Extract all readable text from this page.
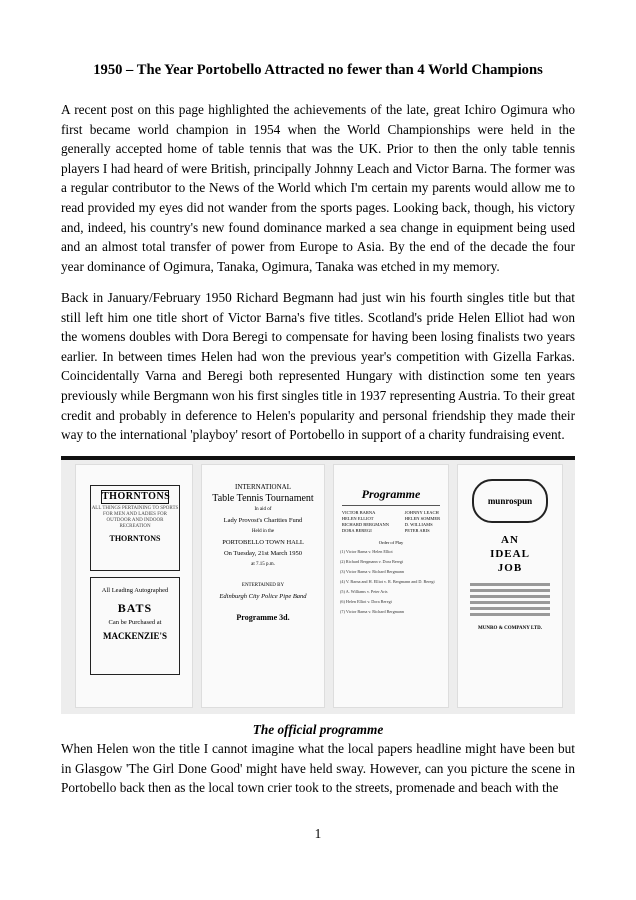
1950 – The Year Portobello Attracted no fewer than 4 World Champions

A recent post on this page highlighted the achievements of the late, great Ichiro Ogimura who first became world champion in 1954 when the World Championships were held in the generally accepted home of table tennis that was the UK. Prior to then the only table tennis players I had heard of were British, principally Johnny Leach and Victor Barna. The former was a regular contributor to the News of the World which I'm certain my parents would allow me to read provided my eyes did not wander from the sports pages. Looking back, though, his victory and, indeed, his country's new found dominance marked a sea change in equipment being used and an almost total transfer of power from Europe to Asia. By the end of the decade the four year dominance of Ogimura, Tanaka, Ogimura, Tanaka was etched in my memory.

Back in January/February 1950 Richard Begmann had just win his fourth singles title but that still left him one title short of Victor Barna's five titles. Scotland's pride Helen Elliot had won the womens doubles with Dora Beregi to compensate for having been losing finalists two years earlier. In between times Helen had won the previous year's competition with Gizella Farkas. Coincidentally Varna and Beregi both represented Hungary with distinction some ten years previously while Bergmann won his first singles title in 1937 representing Austria. To their great credit and probably in deference to Helen's popularity and personal friendship they made their way to the international 'playboy' resort of Portobello in support of a charity fundraising event.

THORNTONS
ALL THINGS PERTAINING TO SPORTS FOR MEN AND LADIES FOR OUTDOOR AND INDOOR RECREATION
THORNTONS
All Leading Autographed
BATS
Can be Purchased at
MACKENZIE'S
INTERNATIONAL
Table Tennis Tournament
In aid of
Lady Provost's Charities Fund
Held in the
PORTOBELLO TOWN HALL
On Tuesday, 21st March 1950
at 7.15 p.m.
ENTERTAINED BY
Edinburgh City Police Pipe Band
Programme 3d.
Programme
VICTOR BARNA
HELEN ELLIOT
RICHARD BERGMANN
DORA BEREGI
JOHNNY LEACH
HELEN SOMMER
D. WILLIAMS
PETER ARIS
Order of Play
(1) Victor Barna v. Helen Elliot
(2) Richard Bergmann v. Dora Beregi
(3) Victor Barna v. Richard Bergmann
(4) V. Barna and H. Elliot v. R. Bergmann and D. Beregi
(5) A. Williams v. Peter Aris
(6) Helen Elliot v. Dora Beregi
(7) Victor Barna v. Richard Bergmann
munrospun
AN
IDEAL
JOB
MUNRO & COMPANY LTD.

The official programme

When Helen won the title I cannot imagine what the local papers headline might have been but in Glasgow 'The Girl Done Good' might have held sway. However, can you picture the scene in Portobello back then as the local town crier took to the streets, promenade and beach with the

1
